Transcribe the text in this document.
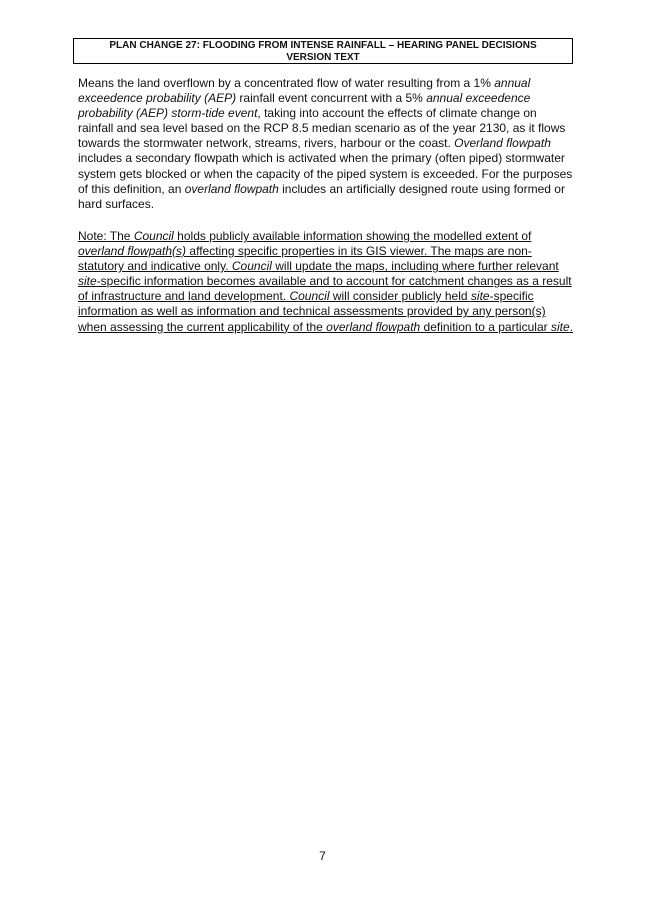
PLAN CHANGE 27: FLOODING FROM INTENSE RAINFALL – HEARING PANEL DECISIONS
VERSION TEXT

Means the land overflown by a concentrated flow of water resulting from a 1% annual exceedence probability (AEP) rainfall event concurrent with a 5% annual exceedence probability (AEP) storm-tide event, taking into account the effects of climate change on rainfall and sea level based on the RCP 8.5 median scenario as of the year 2130, as it flows towards the stormwater network, streams, rivers, harbour or the coast. Overland flowpath includes a secondary flowpath which is activated when the primary (often piped) stormwater system gets blocked or when the capacity of the piped system is exceeded. For the purposes of this definition, an overland flowpath includes an artificially designed route using formed or hard surfaces.

Note: The Council holds publicly available information showing the modelled extent of overland flowpath(s) affecting specific properties in its GIS viewer. The maps are non-statutory and indicative only. Council will update the maps, including where further relevant site-specific information becomes available and to account for catchment changes as a result of infrastructure and land development. Council will consider publicly held site-specific information as well as information and technical assessments provided by any person(s) when assessing the current applicability of the overland flowpath definition to a particular site.

7
